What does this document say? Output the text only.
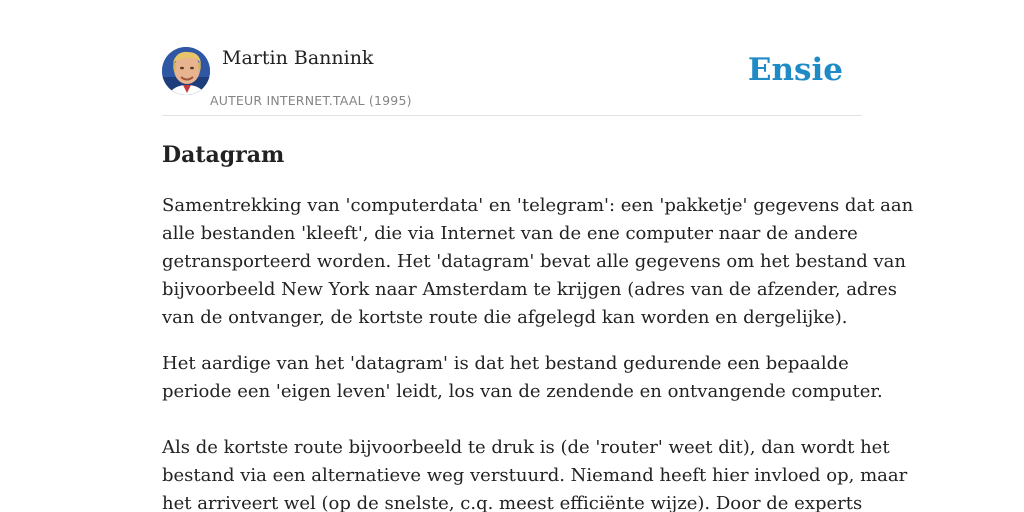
Martin Bannink
AUTEUR INTERNET.TAAL (1995)
Ensie
Datagram

Samentrekking van 'computerdata' en 'telegram': een 'pakketje' gegevens dat aan

alle bestanden 'kleeft', die via Internet van de ene computer naar de andere

getransporteerd worden. Het 'datagram' bevat alle gegevens om het bestand van

bijvoorbeeld New York naar Amsterdam te krijgen (adres van de afzender, adres

van de ontvanger, de kortste route die afgelegd kan worden en dergelijke).

Het aardige van het 'datagram' is dat het bestand gedurende een bepaalde

periode een 'eigen leven' leidt, los van de zendende en ontvangende computer.

Als de kortste route bijvoorbeeld te druk is (de 'router' weet dit), dan wordt het

bestand via een alternatieve weg verstuurd. Niemand heeft hier invloed op, maar

het arriveert wel (op de snelste, c.q. meest efficiënte wijze). Door de experts
